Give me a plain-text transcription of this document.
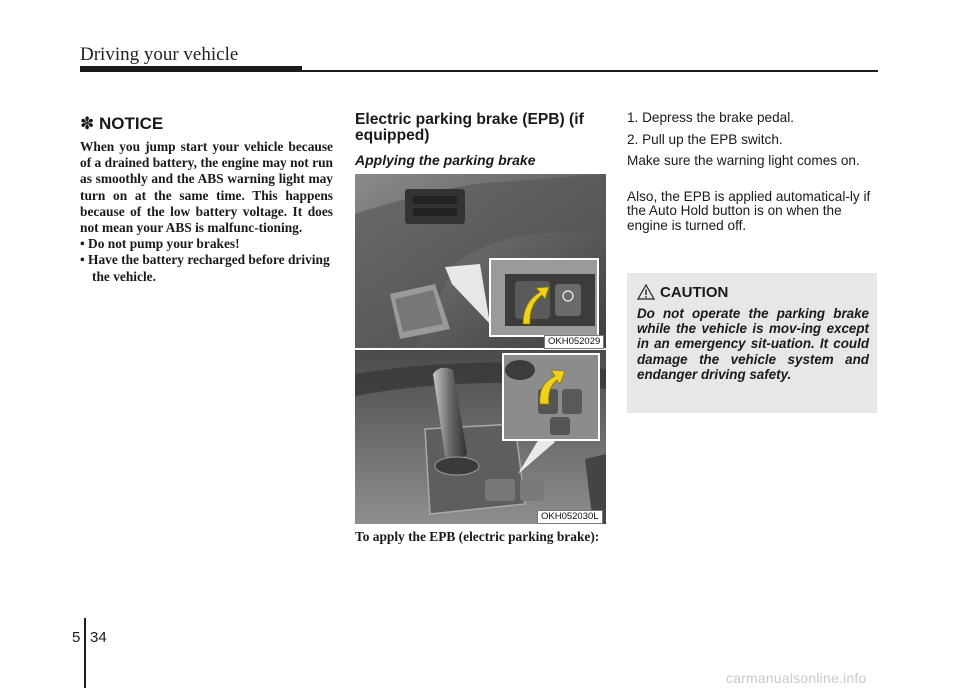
Driving your vehicle
✽ NOTICE

When you jump start your vehicle because of a drained battery, the engine may not run as smoothly and the ABS warning light may turn on at the same time. This happens because of the low battery voltage. It does not mean your ABS is malfunc-tioning.

• Do not pump your brakes!
• Have the battery recharged before driving the vehicle.
Electric parking brake (EPB) (if equipped)
Applying the parking brake
OKH052029
OKH052030L
To apply the EPB (electric parking brake):

1. Depress the brake pedal.

2. Pull up the EPB switch.

Make sure the warning light comes on.

Also, the EPB is applied automatical-ly if the Auto Hold button is on when the engine is turned off.

CAUTION
Do not operate the parking brake while the vehicle is mov-ing except in an emergency sit-uation. It could damage the vehicle system and endanger driving safety.
5 34
carmanualsonline.info
